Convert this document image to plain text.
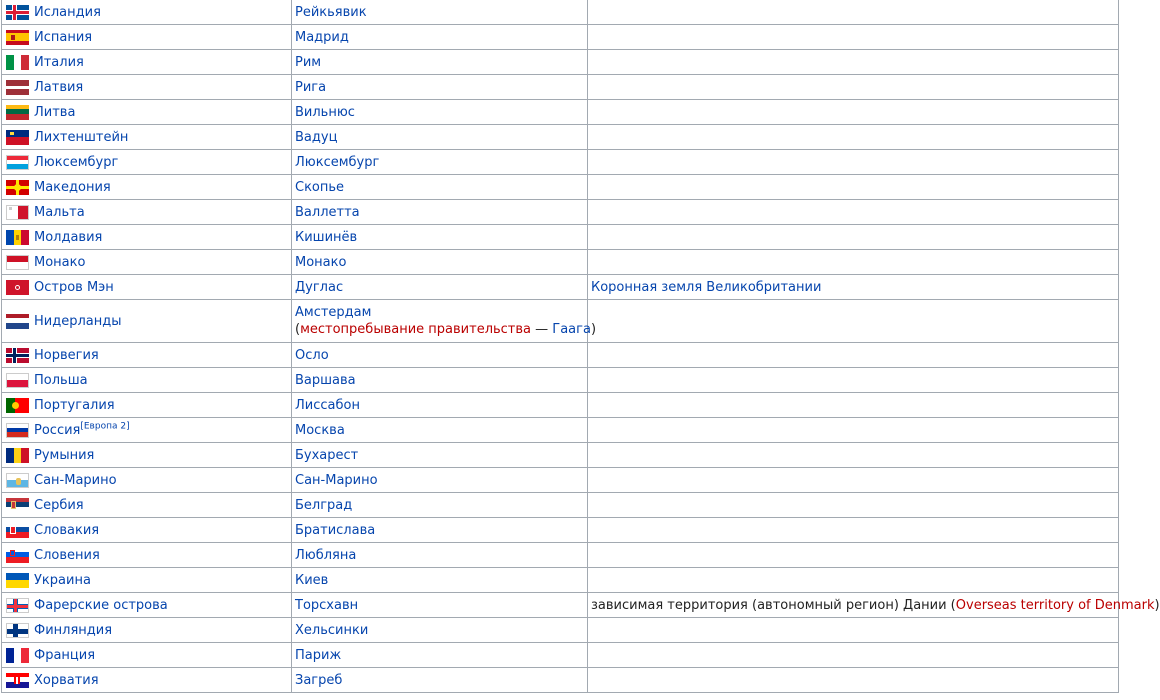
Исландия	Рейкьявик	

Испания	Мадрид	

Италия	Рим	

Латвия	Рига	

Литва	Вильнюс	

Лихтенштейн	Вадуц	

Люксембург	Люксембург	

Македония	Скопье	

Мальта	Валлетта	

Молдавия	Кишинёв	

Монако	Монако	

Остров Мэн	Дуглас	Коронная земля Великобритании

Нидерланды	Амстердам
(местопребывание правительства — Гаага)	

Норвегия	Осло	

Польша	Варшава	

Португалия	Лиссабон	

Россия[Европа 2]	Москва	

Румыния	Бухарест	

Сан-Марино	Сан-Марино	

Сербия	Белград	

Словакия	Братислава	

Словения	Любляна	

Украина	Киев	

Фарерские острова	Торсхавн	зависимая территория (автономный регион) Дании (Overseas territory of Denmark)

Финляндия	Хельсинки	

Франция	Париж	

Хорватия	Загреб	
